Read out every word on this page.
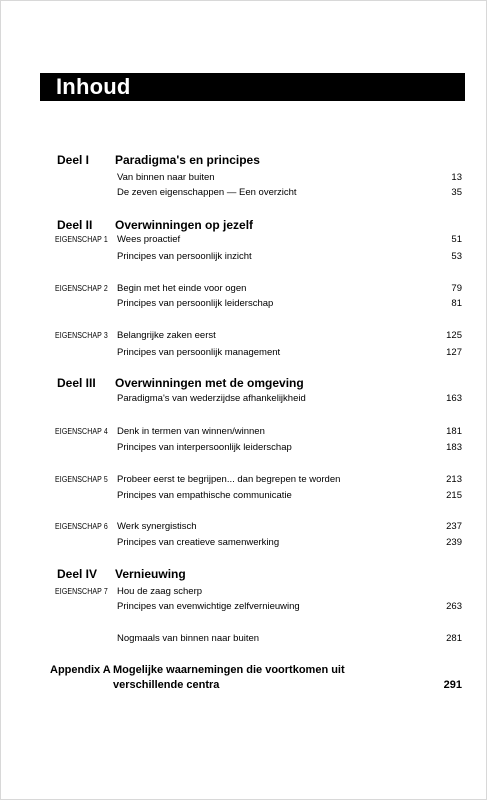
Inhoud
Deel I Paradigma's en principes
Van binnen naar buiten	13
De zeven eigenschappen — Een overzicht	35
Deel II Overwinningen op jezelf
EIGENSCHAP 1 Wees proactief	51
Principes van persoonlijk inzicht	53
EIGENSCHAP 2 Begin met het einde voor ogen	79
Principes van persoonlijk leiderschap	81
EIGENSCHAP 3 Belangrijke zaken eerst	125
Principes van persoonlijk management	127
Deel III Overwinningen met de omgeving
Paradigma's van wederzijdse afhankelijkheid	163
EIGENSCHAP 4 Denk in termen van winnen/winnen	181
Principes van interpersoonlijk leiderschap	183
EIGENSCHAP 5 Probeer eerst te begrijpen... dan begrepen te worden	213
Principes van empathische communicatie	215
EIGENSCHAP 6 Werk synergistisch	237
Principes van creatieve samenwerking	239
Deel IV Vernieuwing
EIGENSCHAP 7 Hou de zaag scherp
Principes van evenwichtige zelfvernieuwing	263
Nogmaals van binnen naar buiten	281
Appendix A Mogelijke waarnemingen die voortkomen uit
verschillende centra	291
